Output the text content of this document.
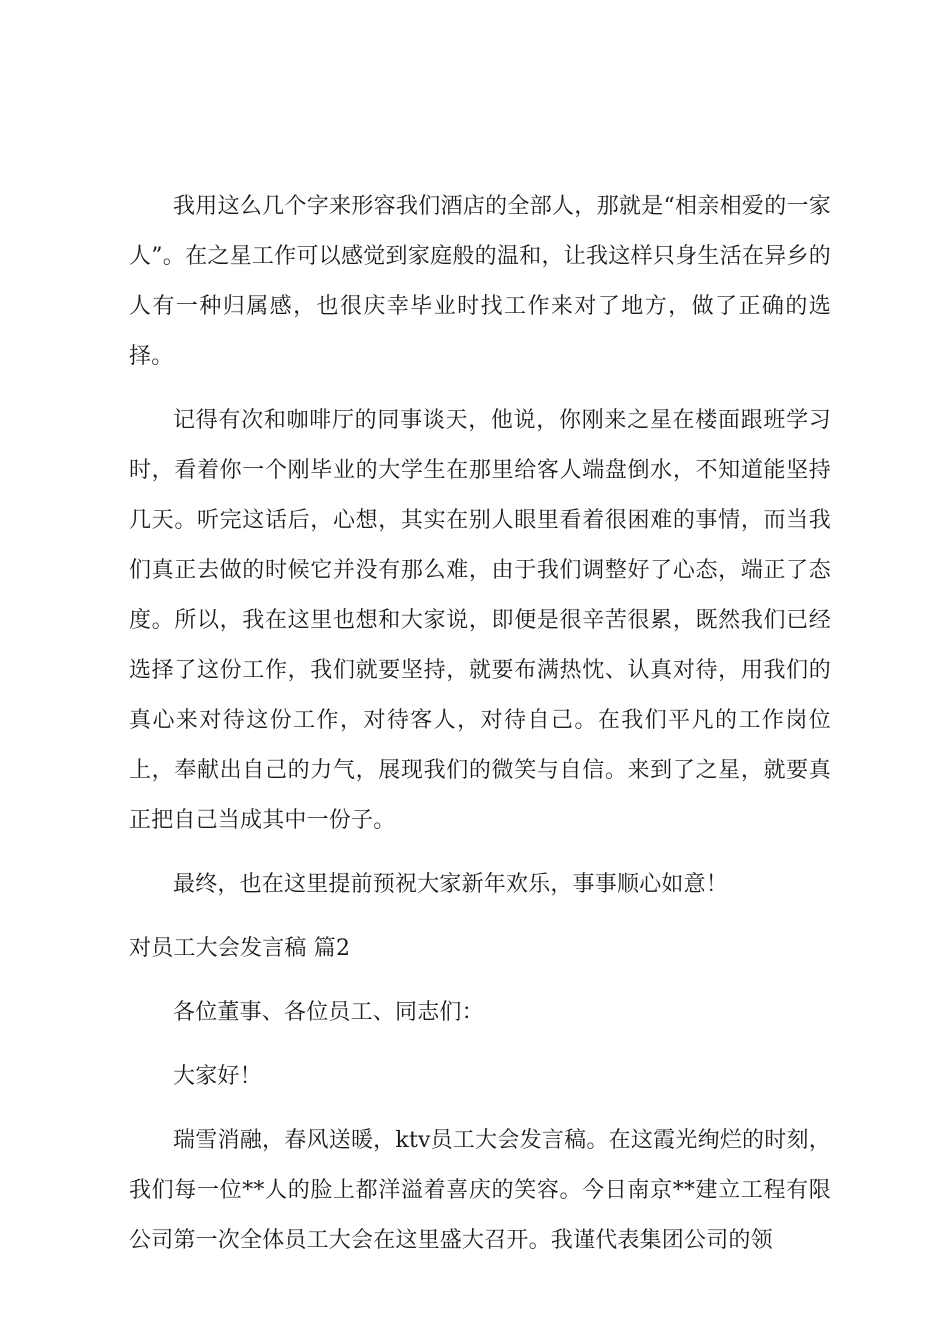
我用这么几个字来形容我们酒店的全部人，那就是“相亲相爱的一家人”。在之星工作可以感觉到家庭般的温和，让我这样只身生活在异乡的人有一种归属感，也很庆幸毕业时找工作来对了地方，做了正确的选择。

记得有次和咖啡厅的同事谈天，他说，你刚来之星在楼面跟班学习时，看着你一个刚毕业的大学生在那里给客人端盘倒水，不知道能坚持几天。听完这话后，心想，其实在别人眼里看着很困难的事情，而当我们真正去做的时候它并没有那么难，由于我们调整好了心态，端正了态度。所以，我在这里也想和大家说，即便是很辛苦很累，既然我们已经选择了这份工作，我们就要坚持，就要布满热忱、认真对待，用我们的真心来对待这份工作，对待客人，对待自己。在我们平凡的工作岗位上，奉献出自己的力气，展现我们的微笑与自信。来到了之星，就要真正把自己当成其中一份子。

最终，也在这里提前预祝大家新年欢乐，事事顺心如意！

对员工大会发言稿 篇2

各位董事、各位员工、同志们：

大家好！

瑞雪消融，春风送暖，ktv员工大会发言稿。在这霞光绚烂的时刻，我们每一位**人的脸上都洋溢着喜庆的笑容。今日南京**建立工程有限公司第一次全体员工大会在这里盛大召开。我谨代表集团公司的领
